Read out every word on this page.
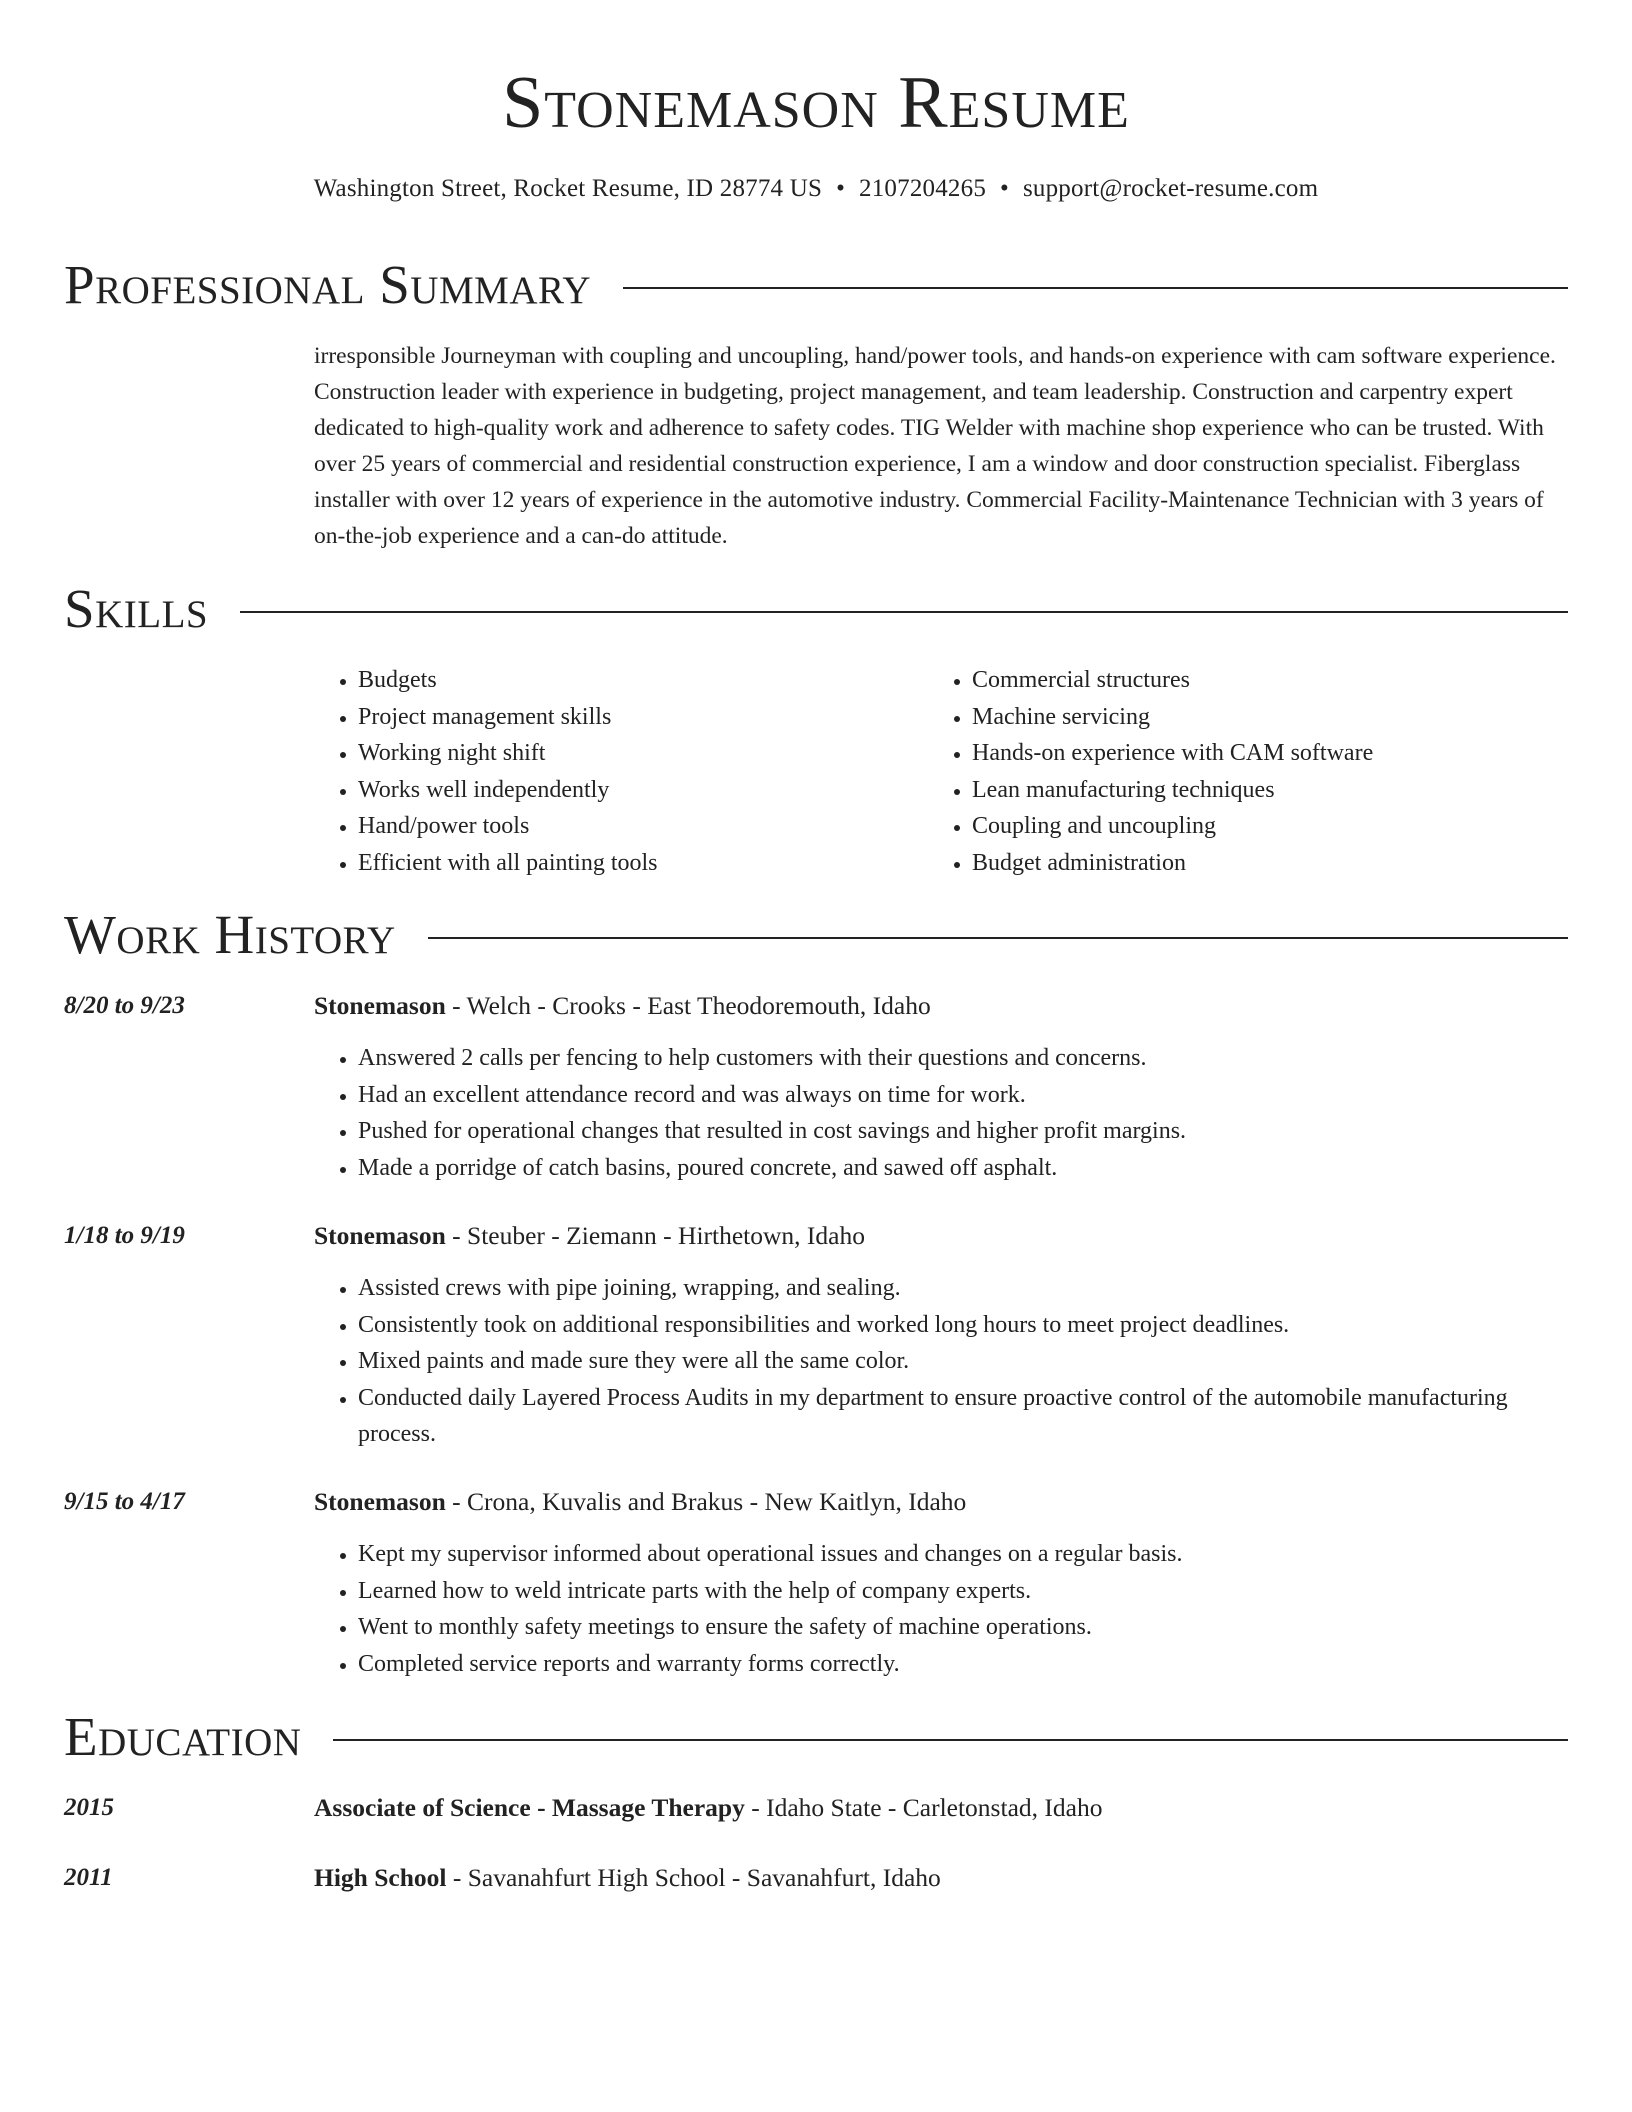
Stonemason Resume
Washington Street, Rocket Resume, ID 28774 US • 2107204265 • support@rocket-resume.com
Professional Summary

irresponsible Journeyman with coupling and uncoupling, hand/power tools, and hands-on experience with cam software experience. Construction leader with experience in budgeting, project management, and team leadership. Construction and carpentry expert dedicated to high-quality work and adherence to safety codes. TIG Welder with machine shop experience who can be trusted. With over 25 years of commercial and residential construction experience, I am a window and door construction specialist. Fiberglass installer with over 12 years of experience in the automotive industry. Commercial Facility-Maintenance Technician with 3 years of on-the-job experience and a can-do attitude.

Skills
• Budgets
• Project management skills
• Working night shift
• Works well independently
• Hand/power tools
• Efficient with all painting tools
• Commercial structures
• Machine servicing
• Hands-on experience with CAM software
• Lean manufacturing techniques
• Coupling and uncoupling
• Budget administration
Work History
8/20 to 9/23	Stonemason - Welch - Crooks - East Theodoremouth, Idaho
• Answered 2 calls per fencing to help customers with their questions and concerns.
• Had an excellent attendance record and was always on time for work.
• Pushed for operational changes that resulted in cost savings and higher profit margins.
• Made a porridge of catch basins, poured concrete, and sawed off asphalt.
1/18 to 9/19	Stonemason - Steuber - Ziemann - Hirthetown, Idaho
• Assisted crews with pipe joining, wrapping, and sealing.
• Consistently took on additional responsibilities and worked long hours to meet project deadlines.
• Mixed paints and made sure they were all the same color.
• Conducted daily Layered Process Audits in my department to ensure proactive control of the automobile manufacturing process.
9/15 to 4/17	Stonemason - Crona, Kuvalis and Brakus - New Kaitlyn, Idaho
• Kept my supervisor informed about operational issues and changes on a regular basis.
• Learned how to weld intricate parts with the help of company experts.
• Went to monthly safety meetings to ensure the safety of machine operations.
• Completed service reports and warranty forms correctly.
Education
2015	Associate of Science - Massage Therapy - Idaho State - Carletonstad, Idaho
2011	High School - Savanahfurt High School - Savanahfurt, Idaho
